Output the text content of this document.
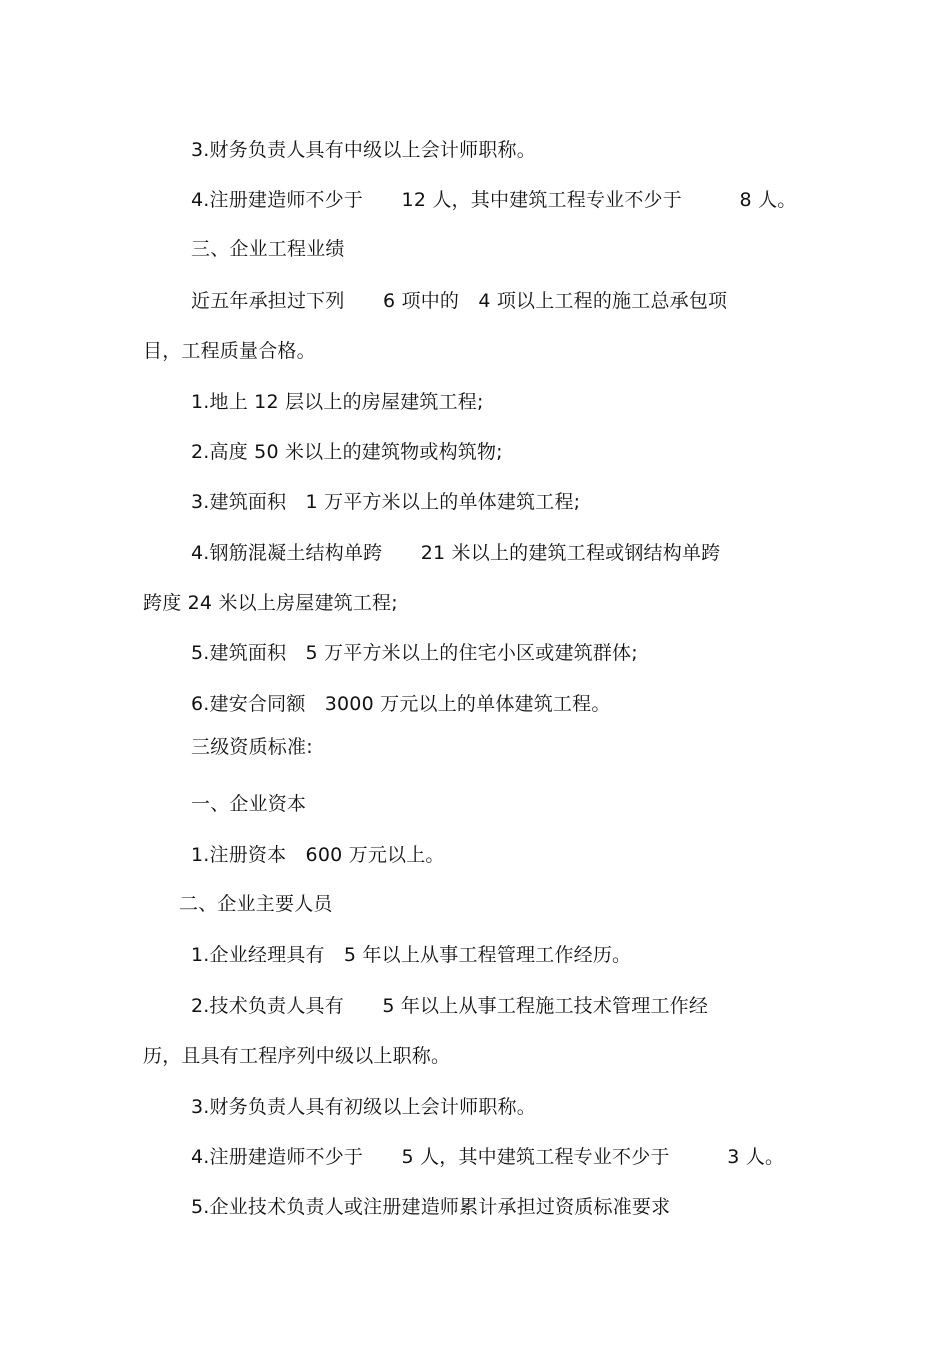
3.财务负责人具有中级以上会计师职称。
4.注册建造师不少于　　12 人，其中建筑工程专业不少于　　　8 人。
三、企业工程业绩
近五年承担过下列　　6 项中的　4 项以上工程的施工总承包项
目，工程质量合格。
1.地上 12 层以上的房屋建筑工程;
2.高度 50 米以上的建筑物或构筑物;
3.建筑面积　1 万平方米以上的单体建筑工程;
4.钢筋混凝土结构单跨　　21 米以上的建筑工程或钢结构单跨
跨度 24 米以上房屋建筑工程;
5.建筑面积　5 万平方米以上的住宅小区或建筑群体;
6.建安合同额　3000 万元以上的单体建筑工程。
三级资质标准:
一、企业资本
1.注册资本　600 万元以上。
二、企业主要人员
1.企业经理具有　5 年以上从事工程管理工作经历。
2.技术负责人具有　　5 年以上从事工程施工技术管理工作经
历，且具有工程序列中级以上职称。
3.财务负责人具有初级以上会计师职称。
4.注册建造师不少于　　5 人，其中建筑工程专业不少于　　　3 人。
5.企业技术负责人或注册建造师累计承担过资质标准要求
